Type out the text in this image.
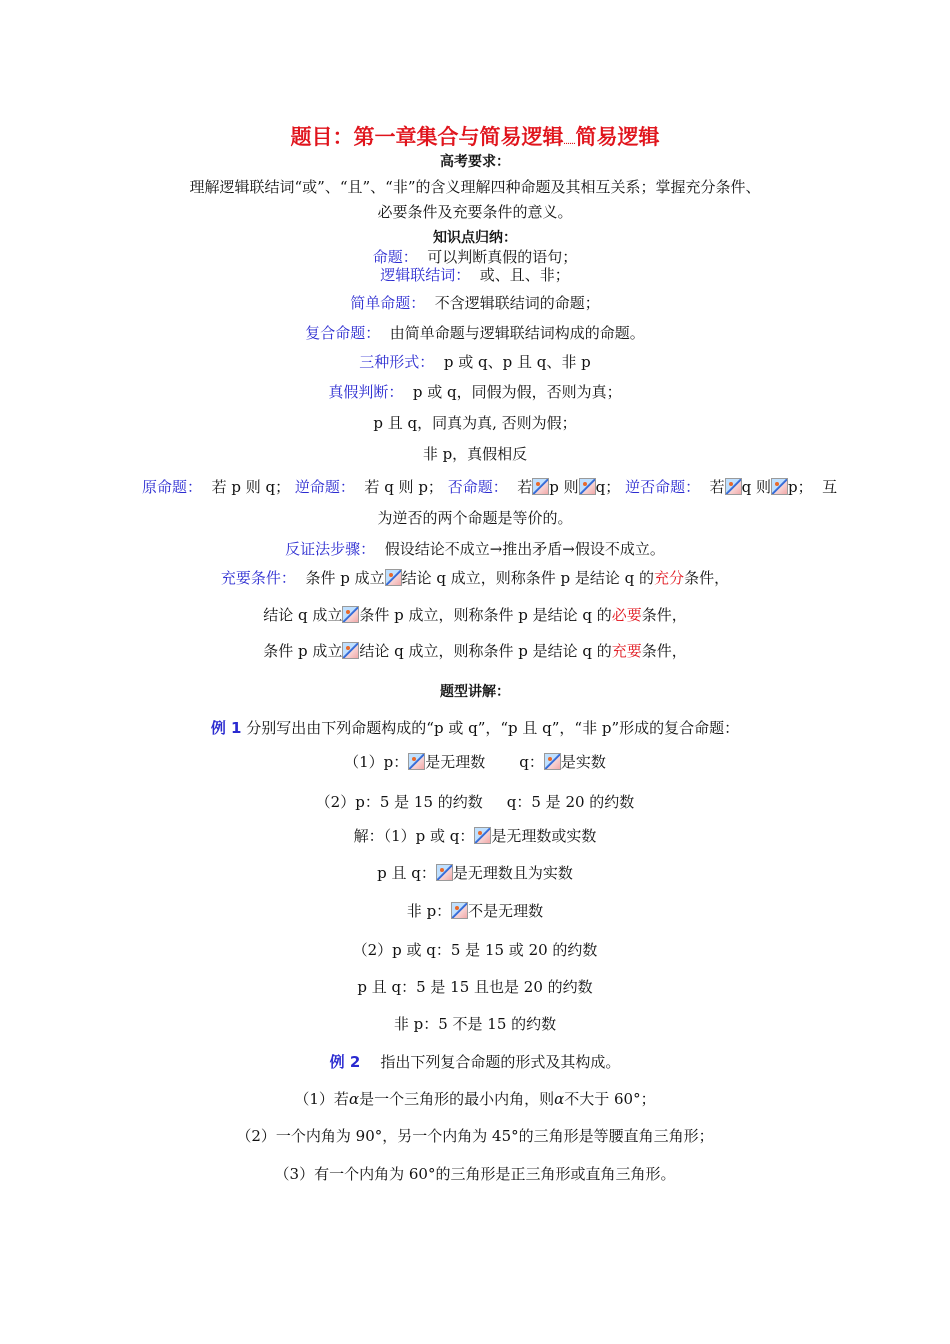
题目：第一章集合与简易逻辑……简易逻辑
高考要求：
理解逻辑联结词“或”、“且”、“非”的含义理解四种命题及其相互关系；掌握充分条件、
必要条件及充要条件的意义。
知识点归纳：
命题： 可以判断真假的语句；
逻辑联结词： 或、且、非；
简单命题： 不含逻辑联结词的命题；
复合命题： 由简单命题与逻辑联结词构成的命题。
三种形式： p 或 q、p 且 q、非 p
真假判断： p 或 q，同假为假，否则为真；
p 且 q，同真为真, 否则为假；
非 p，真假相反
原命题： 若 p 则 q； 逆命题： 若 q 则 p； 否命题： 若 p 则 q； 逆否命题： 若 q 则 p； 互
为逆否的两个命题是等价的。
反证法步骤： 假设结论不成立→推出矛盾→假设不成立。
充要条件： 条件 p 成立 结论 q 成立，则称条件 p 是结论 q 的充分条件，
结论 q 成立 条件 p 成立，则称条件 p 是结论 q 的必要条件，
条件 p 成立 结论 q 成立，则称条件 p 是结论 q 的充要条件，
题型讲解：
例 1 分别写出由下列命题构成的“p 或 q”，“p 且 q”，“非 p”形成的复合命题：
（1）p： 是无理数 q： 是实数
（2）p：5 是 15 的约数 q：5 是 20 的约数
解：（1）p 或 q： 是无理数或实数
p 且 q： 是无理数且为实数
非 p： 不是无理数
（2）p 或 q：5 是 15 或 20 的约数
p 且 q：5 是 15 且也是 20 的约数
非 p：5 不是 15 的约数
例 2 指出下列复合命题的形式及其构成。
（1）若α是一个三角形的最小内角，则α不大于 60°；
（2）一个内角为 90°，另一个内角为 45°的三角形是等腰直角三角形；
（3）有一个内角为 60°的三角形是正三角形或直角三角形。
